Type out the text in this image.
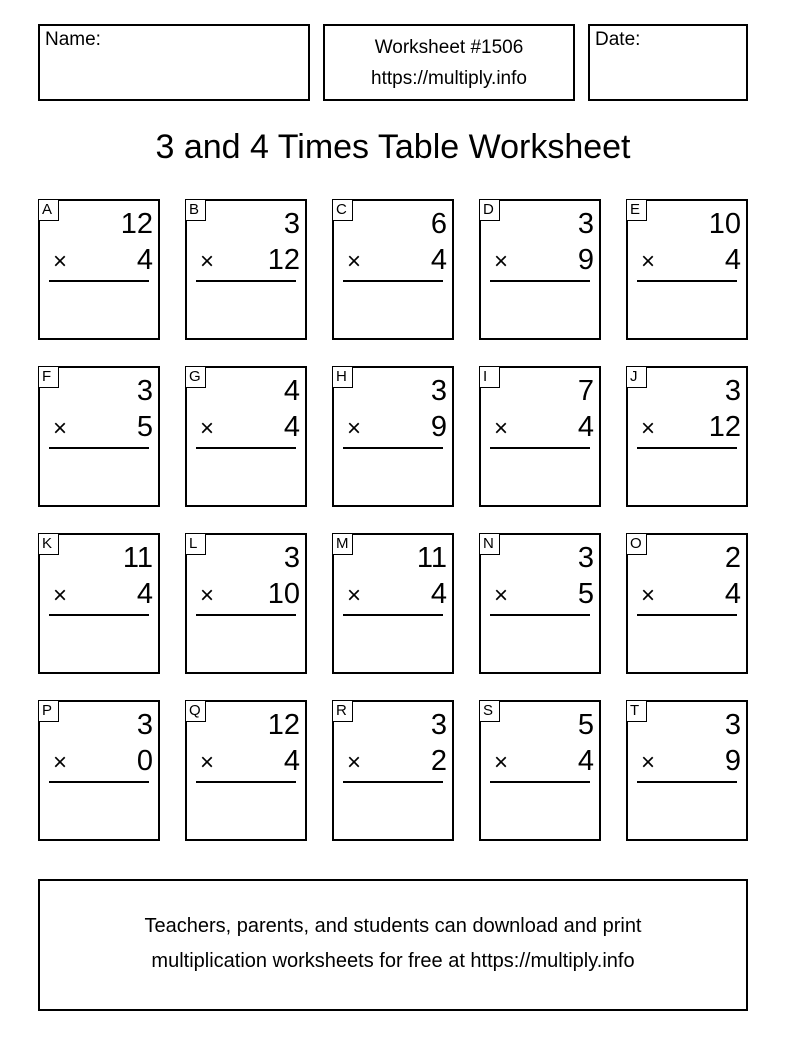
Name:	Worksheet #1506
https://multiply.info
Date:
3 and 4 Times Table Worksheet
A 12
× 4
B	3
× 12
C	6
× 4
D	3
× 9
E 10
× 4
F	3
× 5
G	4
× 4
H	3
× 9
I	7
× 4
J	3
× 12
K 11
× 4
L	3
× 10
M 11
× 4
N	3
× 5
O	2
× 4
P	3
× 0
Q 12
× 4
R	3
× 2
S	5
× 4
T	3
× 9
Teachers, parents, and students can download and print
multiplication worksheets for free at https://multiply.info
